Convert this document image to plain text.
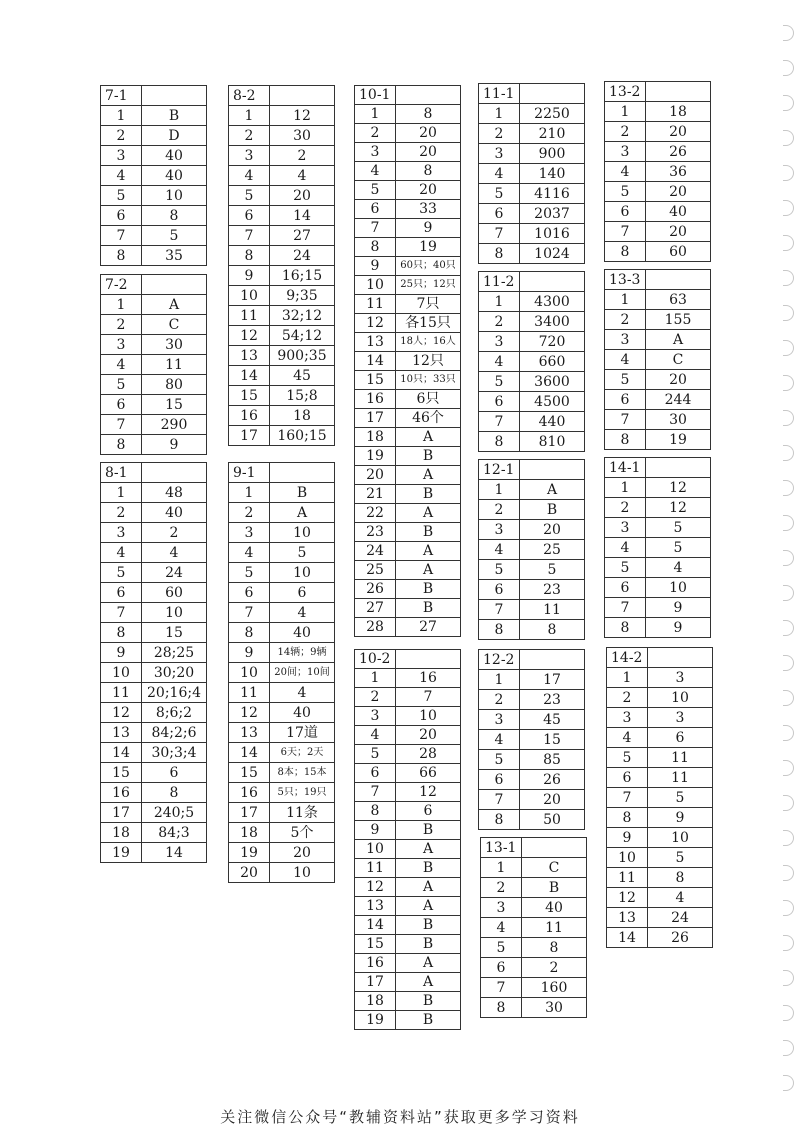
7-1	
1	B
2	D
3	40
4	40
5	10
6	8
7	5
8	35
7-2	
1	A
2	C
3	30
4	11
5	80
6	15
7	290
8	9
8-1	
1	48
2	40
3	2
4	4
5	24
6	60
7	10
8	15
9	28;25
10	30;20
11	20;16;4
12	8;6;2
13	84;2;6
14	30;3;4
15	6
16	8
17	240;5
18	84;3
19	14
8-2	
1	12
2	30
3	2
4	4
5	20
6	14
7	27
8	24
9	16;15
10	9;35
11	32;12
12	54;12
13	900;35
14	45
15	15;8
16	18
17	160;15
9-1	
1	B
2	A
3	10
4	5
5	10
6	6
7	4
8	40
9	14辆；9辆
10	20间；10间
11	4
12	40
13	17道
14	6天；2天
15	8本；15本
16	5只；19只
17	11条
18	5个
19	20
20	10
10-1	
1	8
2	20
3	20
4	8
5	20
6	33
7	9
8	19
9	60只；40只
10	25只；12只
11	7只
12	各15只
13	18人；16人
14	12只
15	10只；33只
16	6只
17	46个
18	A
19	B
20	A
21	B
22	A
23	B
24	A
25	A
26	B
27	B
28	27
10-2	
1	16
2	7
3	10
4	20
5	28
6	66
7	12
8	6
9	B
10	A
11	B
12	A
13	A
14	B
15	B
16	A
17	A
18	B
19	B
11-1	
1	2250
2	210
3	900
4	140
5	4116
6	2037
7	1016
8	1024
11-2	
1	4300
2	3400
3	720
4	660
5	3600
6	4500
7	440
8	810
12-1	
1	A
2	B
3	20
4	25
5	5
6	23
7	11
8	8
12-2	
1	17
2	23
3	45
4	15
5	85
6	26
7	20
8	50
13-1	
1	C
2	B
3	40
4	11
5	8
6	2
7	160
8	30
13-2	
1	18
2	20
3	26
4	36
5	20
6	40
7	20
8	60
13-3	
1	63
2	155
3	A
4	C
5	20
6	244
7	30
8	19
14-1	
1	12
2	12
3	5
4	5
5	4
6	10
7	9
8	9
14-2	
1	3
2	10
3	3
4	6
5	11
6	11
7	5
8	9
9	10
10	5
11	8
12	4
13	24
14	26
关注微信公众号“教辅资料站”获取更多学习资料
